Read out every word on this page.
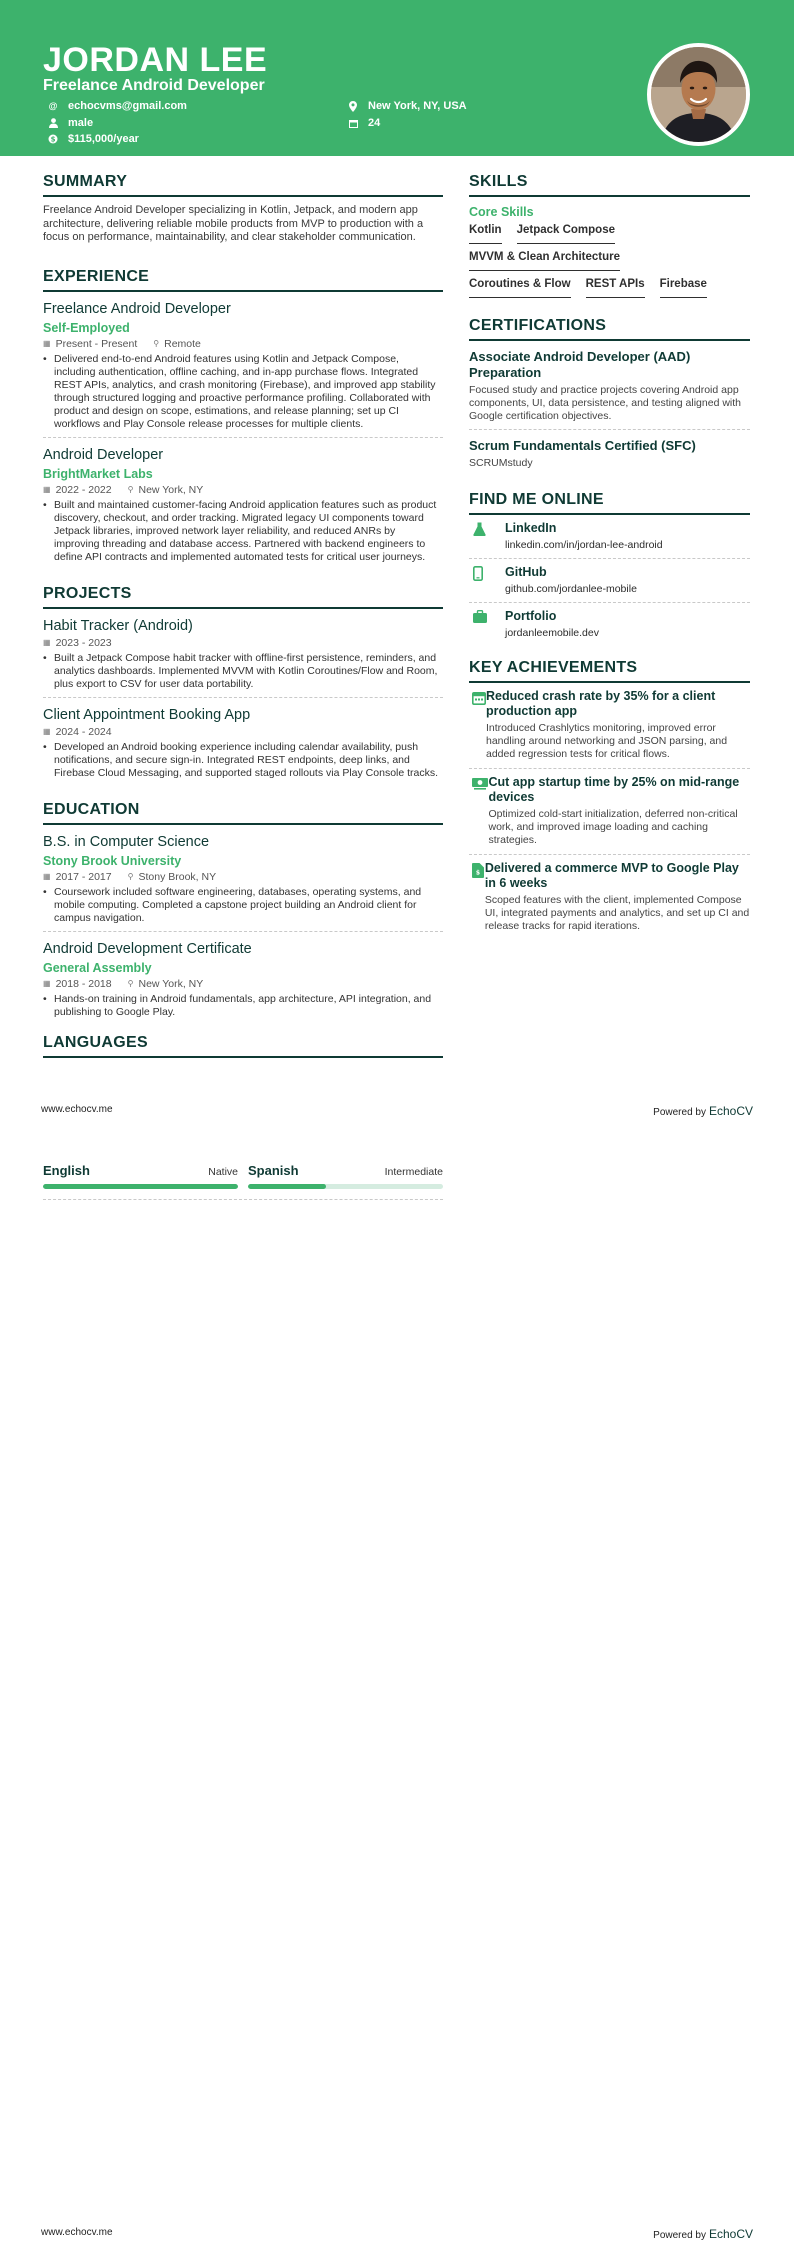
JORDAN LEE
Freelance Android Developer
@ echocvms@gmail.com	New York, NY, USA
male	24
$ $115,000/year
SUMMARY
Freelance Android Developer specializing in Kotlin, Jetpack, and modern app architecture, delivering reliable mobile products from MVP to production with a focus on performance, maintainability, and clear stakeholder communication.
EXPERIENCE
Freelance Android Developer
Self-Employed
▦ Present - Present ⚲ Remote
• Delivered end-to-end Android features using Kotlin and Jetpack Compose, including authentication, offline caching, and in-app purchase flows. Integrated REST APIs, analytics, and crash monitoring (Firebase), and improved app stability through structured logging and proactive performance profiling. Collaborated with product and design on scope, estimations, and release planning; set up CI workflows and Play Console release processes for multiple clients.
Android Developer
BrightMarket Labs
▦ 2022 - 2022 ⚲ New York, NY
• Built and maintained customer-facing Android application features such as product discovery, checkout, and order tracking. Migrated legacy UI components toward Jetpack libraries, improved network layer reliability, and reduced ANRs by improving threading and database access. Partnered with backend engineers to define API contracts and implemented automated tests for critical user journeys.
PROJECTS
Habit Tracker (Android)
▦ 2023 - 2023
• Built a Jetpack Compose habit tracker with offline-first persistence, reminders, and analytics dashboards. Implemented MVVM with Kotlin Coroutines/Flow and Room, plus export to CSV for user data portability.
Client Appointment Booking App
▦ 2024 - 2024
• Developed an Android booking experience including calendar availability, push notifications, and secure sign-in. Integrated REST endpoints, deep links, and Firebase Cloud Messaging, and supported staged rollouts via Play Console tracks.
EDUCATION
B.S. in Computer Science
Stony Brook University
▦ 2017 - 2017 ⚲ Stony Brook, NY
• Coursework included software engineering, databases, operating systems, and mobile computing. Completed a capstone project building an Android client for campus navigation.
Android Development Certificate
General Assembly
▦ 2018 - 2018 ⚲ New York, NY
• Hands-on training in Android fundamentals, app architecture, API integration, and publishing to Google Play.
LANGUAGES
SKILLS
Core Skills
Kotlin Jetpack Compose
MVVM & Clean Architecture
Coroutines & Flow REST APIs Firebase
CERTIFICATIONS
Associate Android Developer (AAD) Preparation
Focused study and practice projects covering Android app components, UI, data persistence, and testing aligned with Google certification objectives.
Scrum Fundamentals Certified (SFC)
SCRUMstudy
FIND ME ONLINE
LinkedIn
linkedin.com/in/jordan-lee-android
GitHub
github.com/jordanlee-mobile
Portfolio
jordanleemobile.dev
KEY ACHIEVEMENTS
Reduced crash rate by 35% for a client production app
Introduced Crashlytics monitoring, improved error handling around networking and JSON parsing, and added regression tests for critical flows.
Cut app startup time by 25% on mid-range devices
Optimized cold-start initialization, deferred non-critical work, and improved image loading and caching strategies.
$ Delivered a commerce MVP to Google Play in 6 weeks
Scoped features with the client, implemented Compose UI, integrated payments and analytics, and set up CI and release tracks for rapid iterations.
www.echocv.me	Powered by EchoCV
English	Native Spanish	Intermediate
www.echocv.me	Powered by EchoCV
